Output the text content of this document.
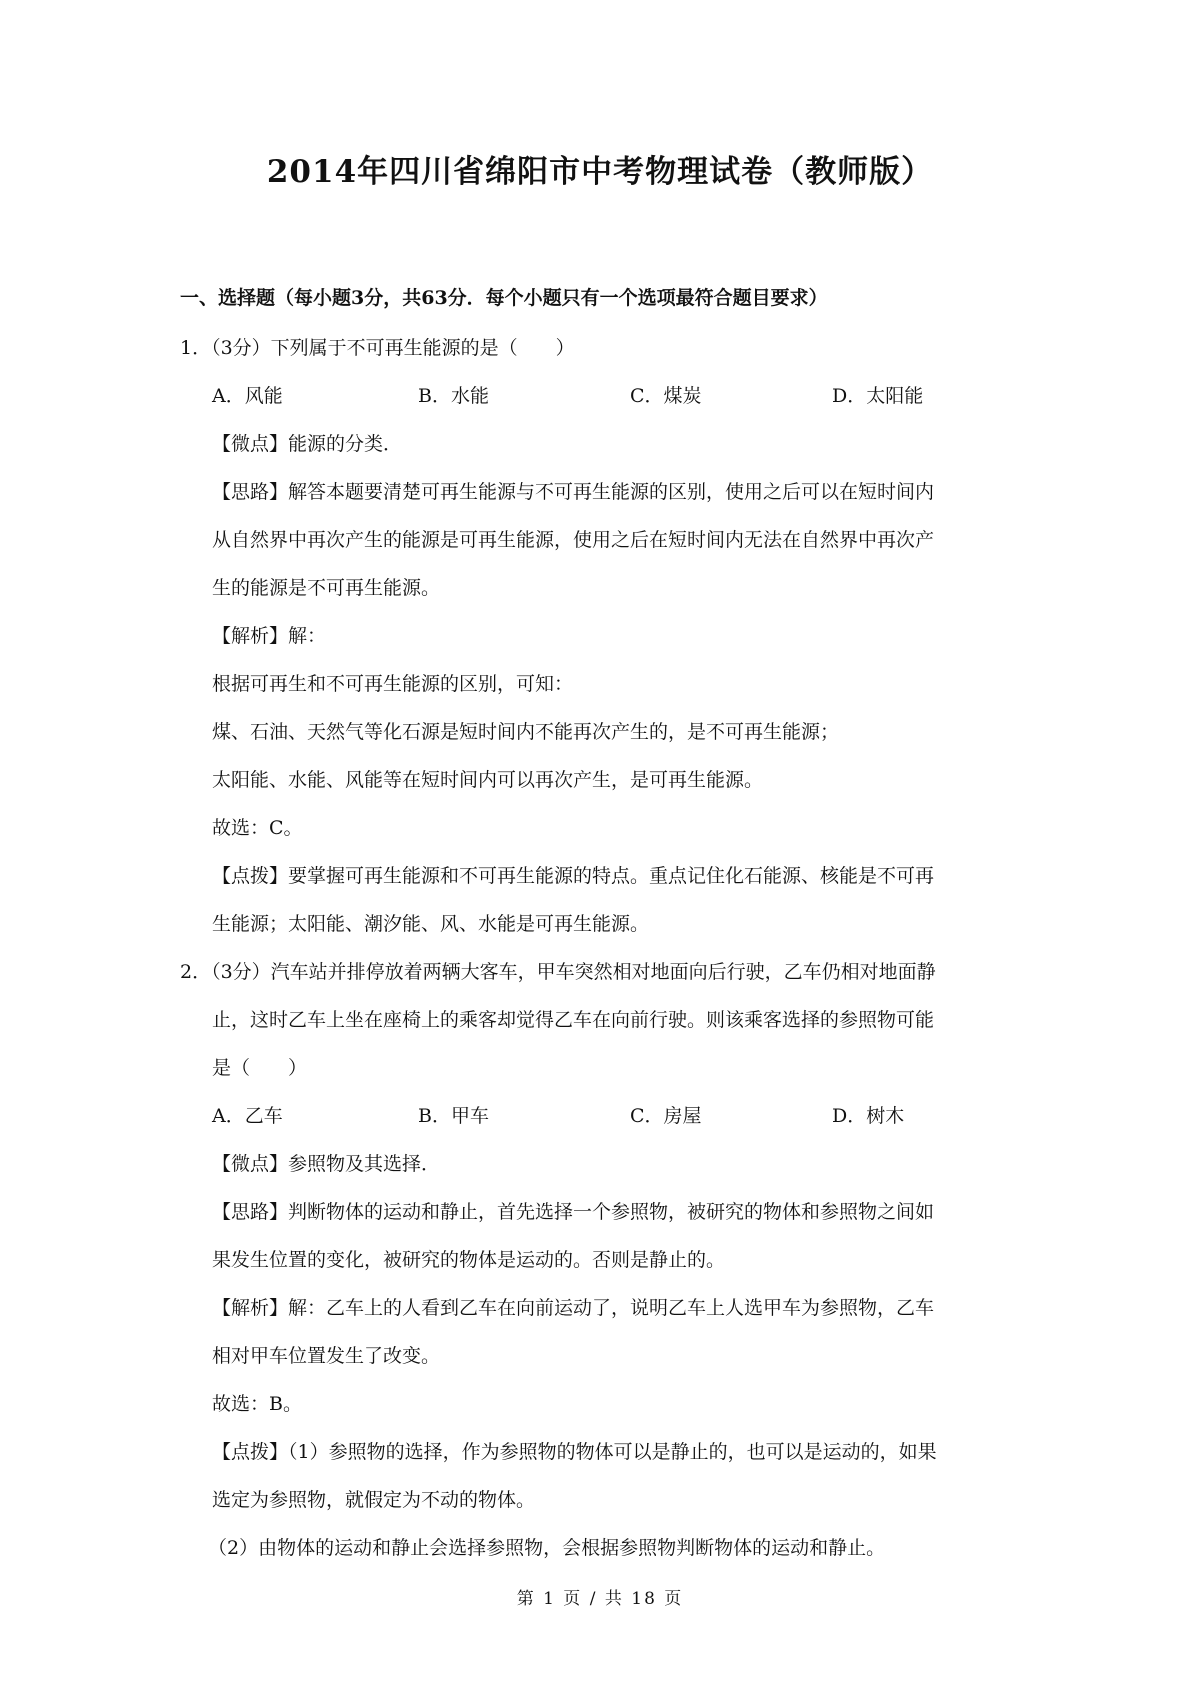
2014年四川省绵阳市中考物理试卷（教师版）
一、选择题（每小题3分，共63分．每个小题只有一个选项最符合题目要求）
1．（3分）下列属于不可再生能源的是（　　）
A．风能	B．水能	C．煤炭	D．太阳能
【微点】能源的分类．
【思路】解答本题要清楚可再生能源与不可再生能源的区别，使用之后可以在短时间内
从自然界中再次产生的能源是可再生能源，使用之后在短时间内无法在自然界中再次产
生的能源是不可再生能源。
【解析】解：
根据可再生和不可再生能源的区别，可知：
煤、石油、天然气等化石源是短时间内不能再次产生的，是不可再生能源；
太阳能、水能、风能等在短时间内可以再次产生，是可再生能源。
故选：C。
【点拨】要掌握可再生能源和不可再生能源的特点。重点记住化石能源、核能是不可再
生能源；太阳能、潮汐能、风、水能是可再生能源。
2．（3分）汽车站并排停放着两辆大客车，甲车突然相对地面向后行驶，乙车仍相对地面静
止，这时乙车上坐在座椅上的乘客却觉得乙车在向前行驶。则该乘客选择的参照物可能
是（　　）
A．乙车	B．甲车	C．房屋	D．树木
【微点】参照物及其选择．
【思路】判断物体的运动和静止，首先选择一个参照物，被研究的物体和参照物之间如
果发生位置的变化，被研究的物体是运动的。否则是静止的。
【解析】解：乙车上的人看到乙车在向前运动了，说明乙车上人选甲车为参照物，乙车
相对甲车位置发生了改变。
故选：B。
【点拨】（1）参照物的选择，作为参照物的物体可以是静止的，也可以是运动的，如果
选定为参照物，就假定为不动的物体。
（2）由物体的运动和静止会选择参照物，会根据参照物判断物体的运动和静止。
第 1 页 / 共 18 页
